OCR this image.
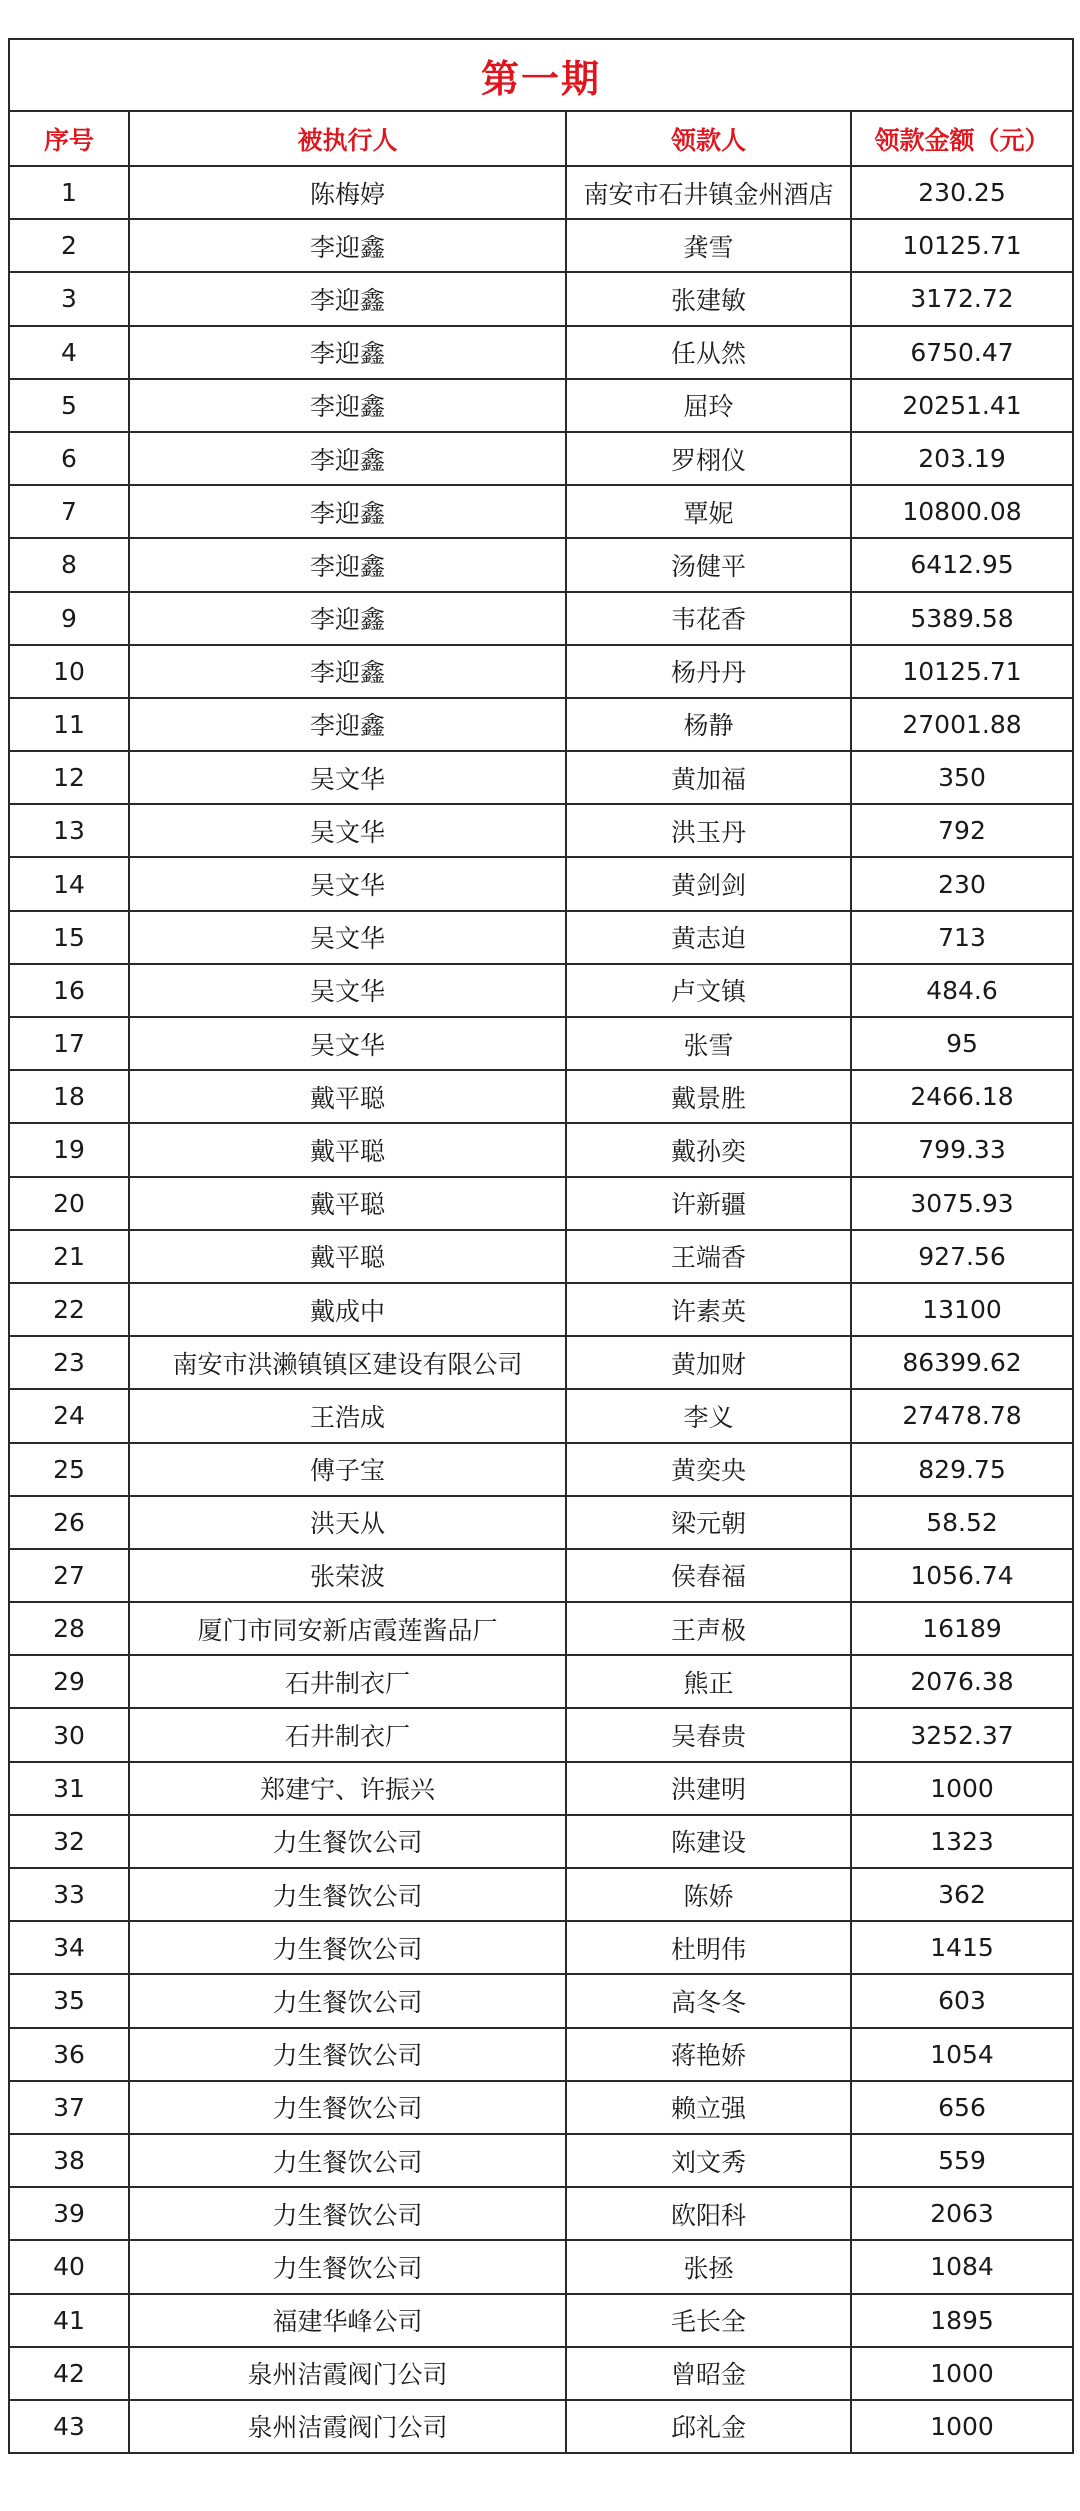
第一期			
序号	被执行人	领款人	领款金额（元）
1	陈梅婷	南安市石井镇金州酒店	230.25
2	李迎鑫	龚雪	10125.71
3	李迎鑫	张建敏	3172.72
4	李迎鑫	任从然	6750.47
5	李迎鑫	屈玲	20251.41
6	李迎鑫	罗栩仪	203.19
7	李迎鑫	覃妮	10800.08
8	李迎鑫	汤健平	6412.95
9	李迎鑫	韦花香	5389.58
10	李迎鑫	杨丹丹	10125.71
11	李迎鑫	杨静	27001.88
12	吴文华	黄加福	350
13	吴文华	洪玉丹	792
14	吴文华	黄剑剑	230
15	吴文华	黄志迫	713
16	吴文华	卢文镇	484.6
17	吴文华	张雪	95
18	戴平聪	戴景胜	2466.18
19	戴平聪	戴孙奕	799.33
20	戴平聪	许新疆	3075.93
21	戴平聪	王端香	927.56
22	戴成中	许素英	13100
23	南安市洪濑镇镇区建设有限公司	黄加财	86399.62
24	王浩成	李义	27478.78
25	傅子宝	黄奕央	829.75
26	洪天从	梁元朝	58.52
27	张荣波	侯春福	1056.74
28	厦门市同安新店霞莲酱品厂	王声极	16189
29	石井制衣厂	熊正	2076.38
30	石井制衣厂	吴春贵	3252.37
31	郑建宁、许振兴	洪建明	1000
32	力生餐饮公司	陈建设	1323
33	力生餐饮公司	陈娇	362
34	力生餐饮公司	杜明伟	1415
35	力生餐饮公司	高冬冬	603
36	力生餐饮公司	蒋艳娇	1054
37	力生餐饮公司	赖立强	656
38	力生餐饮公司	刘文秀	559
39	力生餐饮公司	欧阳科	2063
40	力生餐饮公司	张拯	1084
41	福建华峰公司	毛长全	1895
42	泉州洁霞阀门公司	曾昭金	1000
43	泉州洁霞阀门公司	邱礼金	1000
